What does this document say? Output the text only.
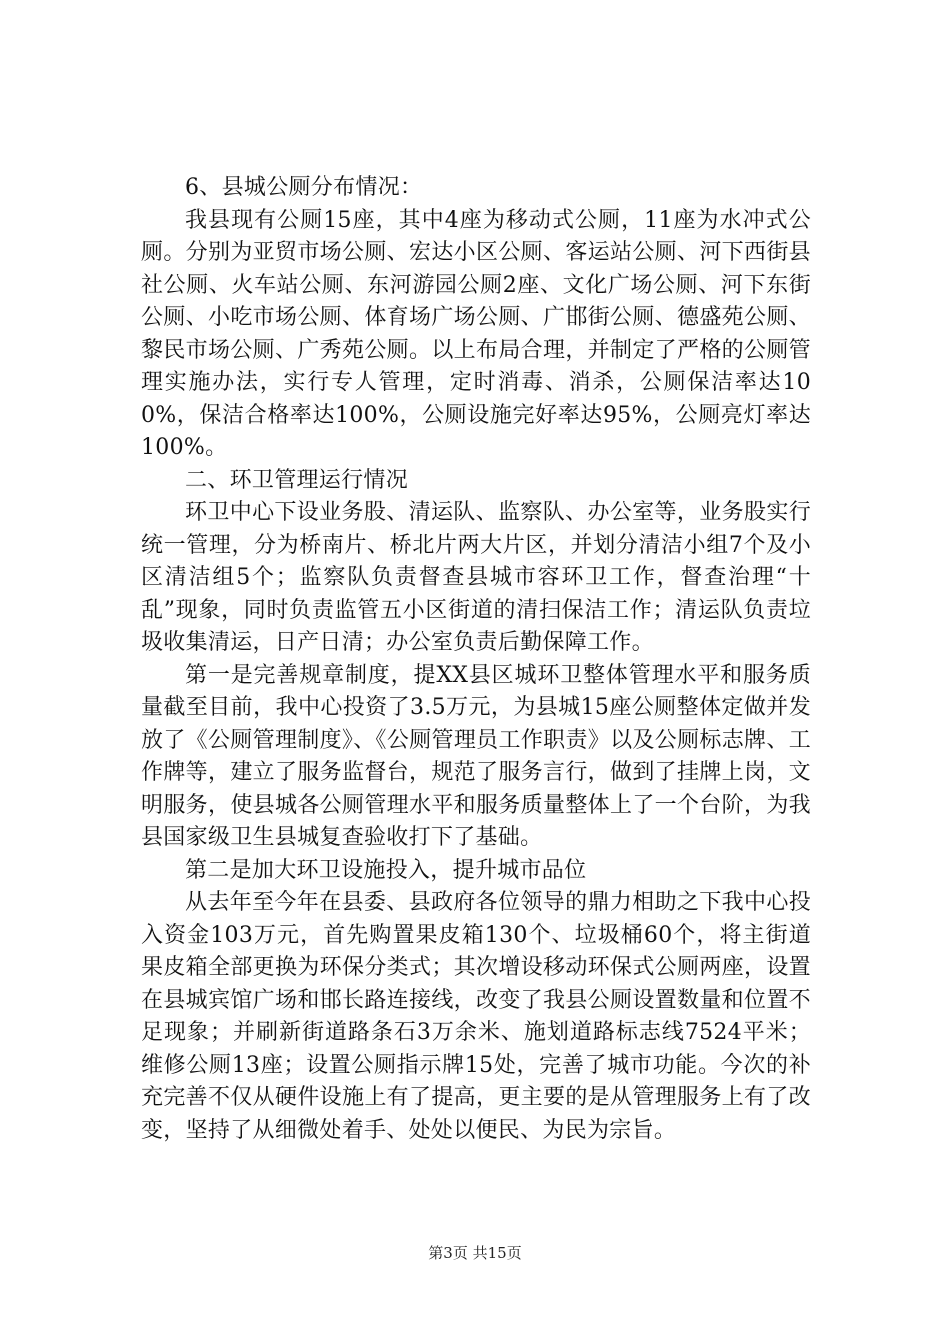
6、县城公厕分布情况：

我县现有公厕15座，其中4座为移动式公厕，11座为水冲式公厕。分别为亚贸市场公厕、宏达小区公厕、客运站公厕、河下西街县社公厕、火车站公厕、东河游园公厕2座、文化广场公厕、河下东街公厕、小吃市场公厕、体育场广场公厕、广邯街公厕、德盛苑公厕、黎民市场公厕、广秀苑公厕。以上布局合理，并制定了严格的公厕管理实施办法，实行专人管理，定时消毒、消杀，公厕保洁率达100%，保洁合格率达100%，公厕设施完好率达95%，公厕亮灯率达100%。

二、环卫管理运行情况

环卫中心下设业务股、清运队、监察队、办公室等，业务股实行统一管理，分为桥南片、桥北片两大片区，并划分清洁小组7个及小区清洁组5个；监察队负责督查县城市容环卫工作，督查治理“十乱”现象，同时负责监管五小区街道的清扫保洁工作；清运队负责垃圾收集清运，日产日清；办公室负责后勤保障工作。

第一是完善规章制度，提XX县区城环卫整体管理水平和服务质量截至目前，我中心投资了3.5万元，为县城15座公厕整体定做并发放了《公厕管理制度》、《公厕管理员工作职责》以及公厕标志牌、工作牌等，建立了服务监督台，规范了服务言行，做到了挂牌上岗，文明服务，使县城各公厕管理水平和服务质量整体上了一个台阶，为我县国家级卫生县城复查验收打下了基础。

第二是加大环卫设施投入，提升城市品位

从去年至今年在县委、县政府各位领导的鼎力相助之下我中心投入资金103万元，首先购置果皮箱130个、垃圾桶60个，将主街道果皮箱全部更换为环保分类式；其次增设移动环保式公厕两座，设置在县城宾馆广场和邯长路连接线，改变了我县公厕设置数量和位置不足现象；并刷新街道路条石3万余米、施划道路标志线7524平米；维修公厕13座；设置公厕指示牌15处，完善了城市功能。今次的补充完善不仅从硬件设施上有了提高，更主要的是从管理服务上有了改变，坚持了从细微处着手、处处以便民、为民为宗旨。

第3页 共15页
